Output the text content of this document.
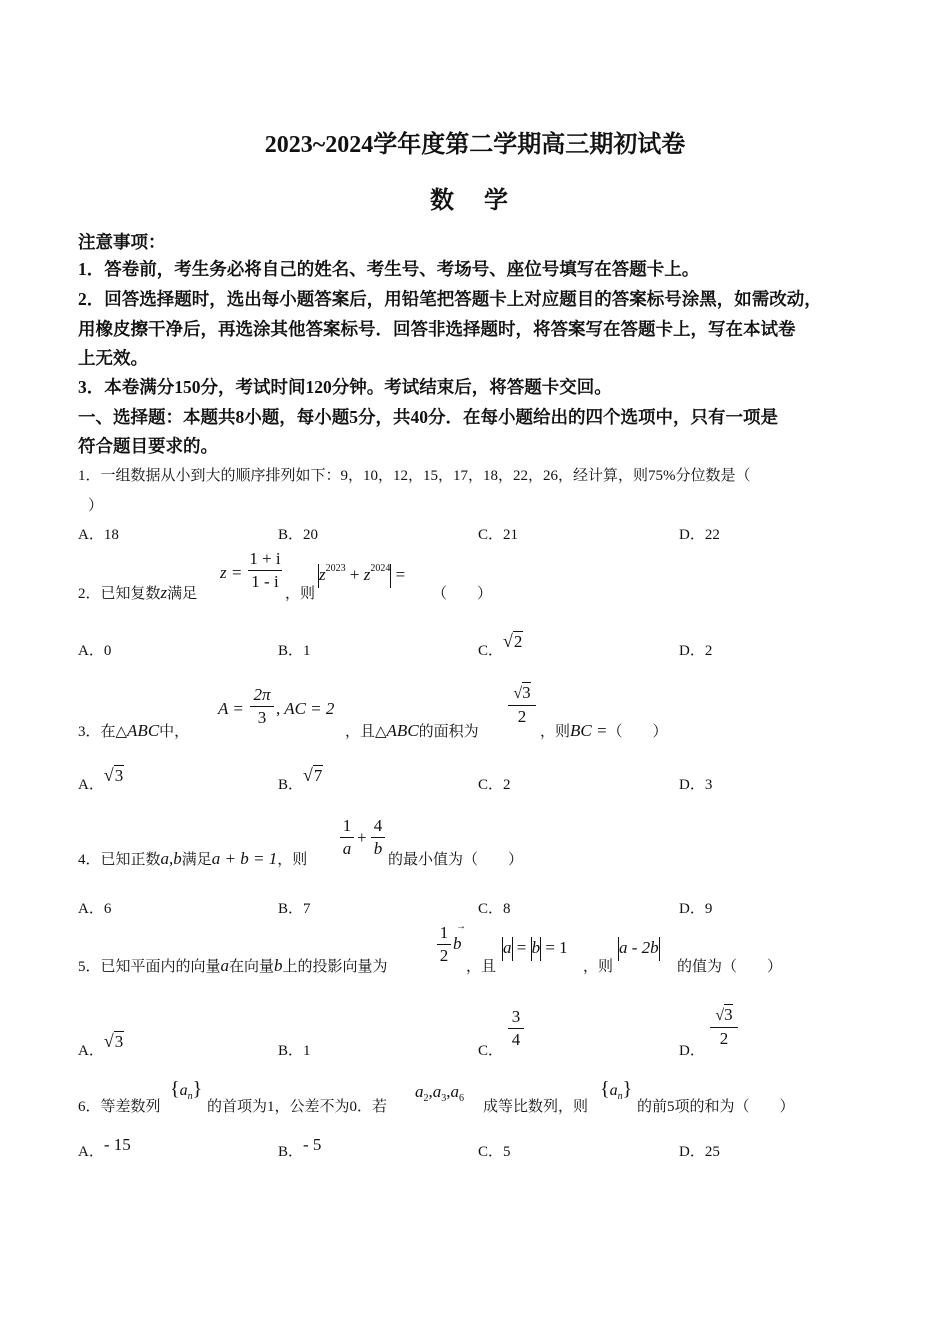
2023~2024学年度第二学期高三期初试卷
数 学
注意事项：
1．答卷前，考生务必将自己的姓名、考生号、考场号、座位号填写在答题卡上。
2．回答选择题时，选出每小题答案后，用铅笔把答题卡上对应题目的答案标号涂黑，如需改动，
用橡皮擦干净后，再选涂其他答案标号．回答非选择题时，将答案写在答题卡上，写在本试卷
上无效。
3．本卷满分150分，考试时间120分钟。考试结束后，将答题卡交回。
一、选择题：本题共8小题，每小题5分，共40分．在每小题给出的四个选项中，只有一项是
符合题目要求的。
1．一组数据从小到大的顺序排列如下：9，10，12，15，17，18，22，26，经计算，则75%分位数是（
）
A．18	B．20	C．21	D．22
2．已知复数z满足
z =
1 + i
1 - i
，则
$z^{2023} + z^{2024}$ =
（　　）
A．0	B．1	C．√2	D．2
3．在△ABC中，
A =
2π
3 , AC = 2
，且△ABC的面积为
√3
2
，则BC =（　　）
A．√3	B．√7	C．2	D．3
4．已知正数a,b满足a + b = 1，则
1
a
+
4
b
的最小值为（　　）
A．6	B．7	C．8	D．9
5．已知平面内的向量a在向量b上的投影向量为
1
2
→
b
，且
a = b = 1
，则
a - 2b
的值为（　　）
A．√3	B．1	C．
3
4
D．
√3
2
6．等差数列
$\{a_n\}$
的首项为1，公差不为0．若
$a_2,a_3,a_6$
成等比数列，则
$\{a_n\}$
的前5项的和为（　　）
A．- 15	B．- 5	C．5	D．25
